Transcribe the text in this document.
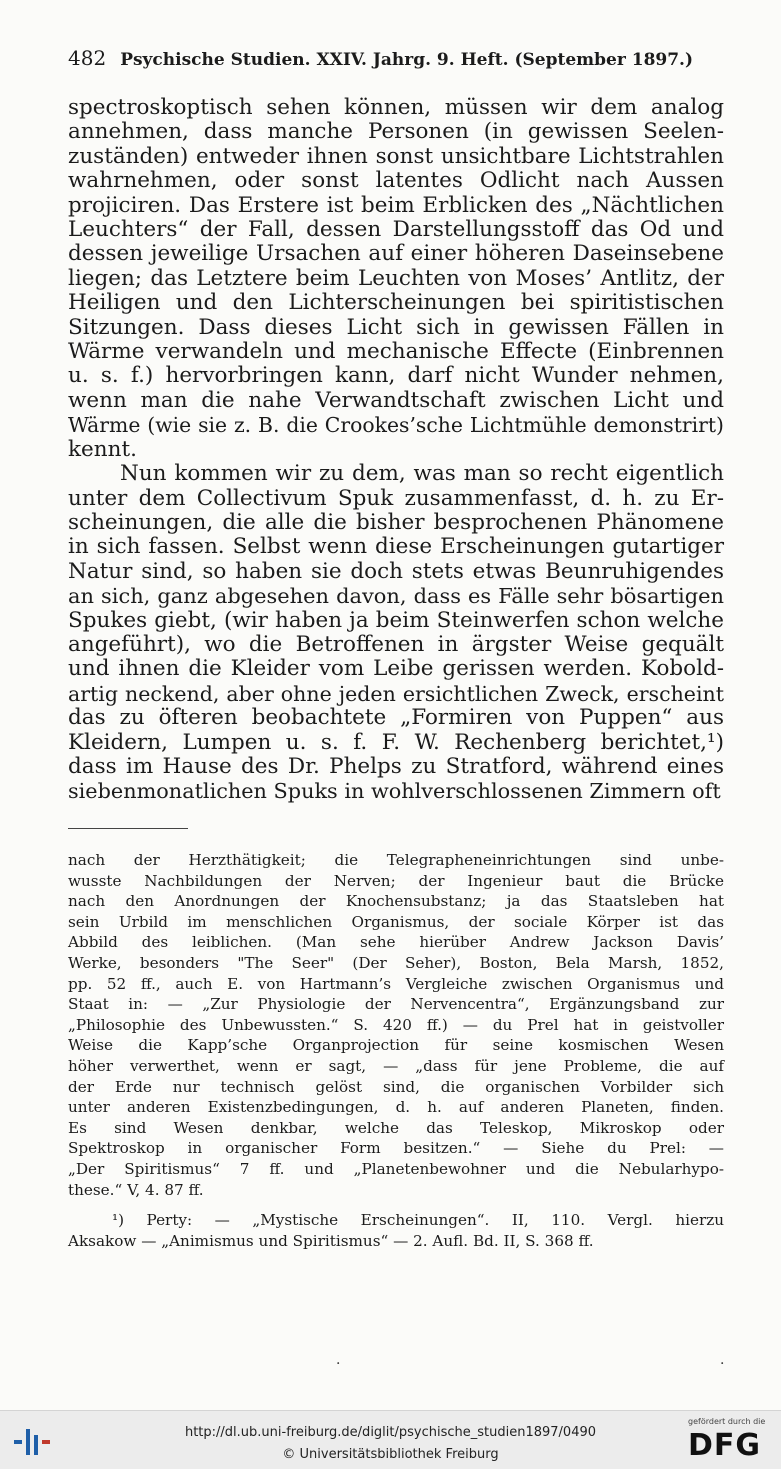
482 Psychische Studien. XXIV. Jahrg. 9. Heft. (September 1897.)
spectroskoptisch sehen können, müssen wir dem analog
annehmen, dass manche Personen (in gewissen Seelen-
zuständen) entweder ihnen sonst unsichtbare Lichtstrahlen
wahrnehmen, oder sonst latentes Odlicht nach Aussen
projiciren. Das Erstere ist beim Erblicken des „Nächtlichen
Leuchters“ der Fall, dessen Darstellungsstoff das Od und
dessen jeweilige Ursachen auf einer höheren Daseinsebene
liegen; das Letztere beim Leuchten von Moses’ Antlitz, der
Heiligen und den Lichterscheinungen bei spiritistischen
Sitzungen. Dass dieses Licht sich in gewissen Fällen in
Wärme verwandeln und mechanische Effecte (Einbrennen
u. s. f.) hervorbringen kann, darf nicht Wunder nehmen,
wenn man die nahe Verwandtschaft zwischen Licht und
Wärme (wie sie z. B. die Crookes’sche Lichtmühle demonstrirt)
kennt.
Nun kommen wir zu dem, was man so recht eigentlich
unter dem Collectivum Spuk zusammenfasst, d. h. zu Er-
scheinungen, die alle die bisher besprochenen Phänomene
in sich fassen. Selbst wenn diese Erscheinungen gutartiger
Natur sind, so haben sie doch stets etwas Beunruhigendes
an sich, ganz abgesehen davon, dass es Fälle sehr bösartigen
Spukes giebt, (wir haben ja beim Steinwerfen schon welche
angeführt), wo die Betroffenen in ärgster Weise gequält
und ihnen die Kleider vom Leibe gerissen werden. Kobold-
artig neckend, aber ohne jeden ersichtlichen Zweck, erscheint
das zu öfteren beobachtete „Formiren von Puppen“ aus
Kleidern, Lumpen u. s. f. F. W. Rechenberg berichtet,¹)
dass im Hause des Dr. Phelps zu Stratford, während eines
siebenmonatlichen Spuks in wohlverschlossenen Zimmern oft
nach der Herzthätigkeit; die Telegrapheneinrichtungen sind unbe-
wusste Nachbildungen der Nerven; der Ingenieur baut die Brücke
nach den Anordnungen der Knochensubstanz; ja das Staatsleben hat
sein Urbild im menschlichen Organismus, der sociale Körper ist das
Abbild des leiblichen. (Man sehe hierüber Andrew Jackson Davis’
Werke, besonders "The Seer" (Der Seher), Boston, Bela Marsh, 1852,
pp. 52 ff., auch E. von Hartmann’s Vergleiche zwischen Organismus und
Staat in: — „Zur Physiologie der Nervencentra“, Ergänzungsband zur
„Philosophie des Unbewussten.“ S. 420 ff.) — du Prel hat in geistvoller
Weise die Kapp’sche Organprojection für seine kosmischen Wesen
höher verwerthet, wenn er sagt, — „dass für jene Probleme, die auf
der Erde nur technisch gelöst sind, die organischen Vorbilder sich
unter anderen Existenzbedingungen, d. h. auf anderen Planeten, finden.
Es sind Wesen denkbar, welche das Teleskop, Mikroskop oder
Spektroskop in organischer Form besitzen.“ — Siehe du Prel: —
„Der Spiritismus“ 7 ff. und „Planetenbewohner und die Nebularhypo-
these.“ V, 4. 87 ff.
¹) Perty: — „Mystische Erscheinungen“. II, 110. Vergl. hierzu
Aksakow — „Animismus und Spiritismus“ — 2. Aufl. Bd. II, S. 368 ff.
·	·
http://dl.ub.uni-freiburg.de/diglit/psychische_studien1897/0490
© Universitätsbibliothek Freiburg
gefördert durch die
DFG
